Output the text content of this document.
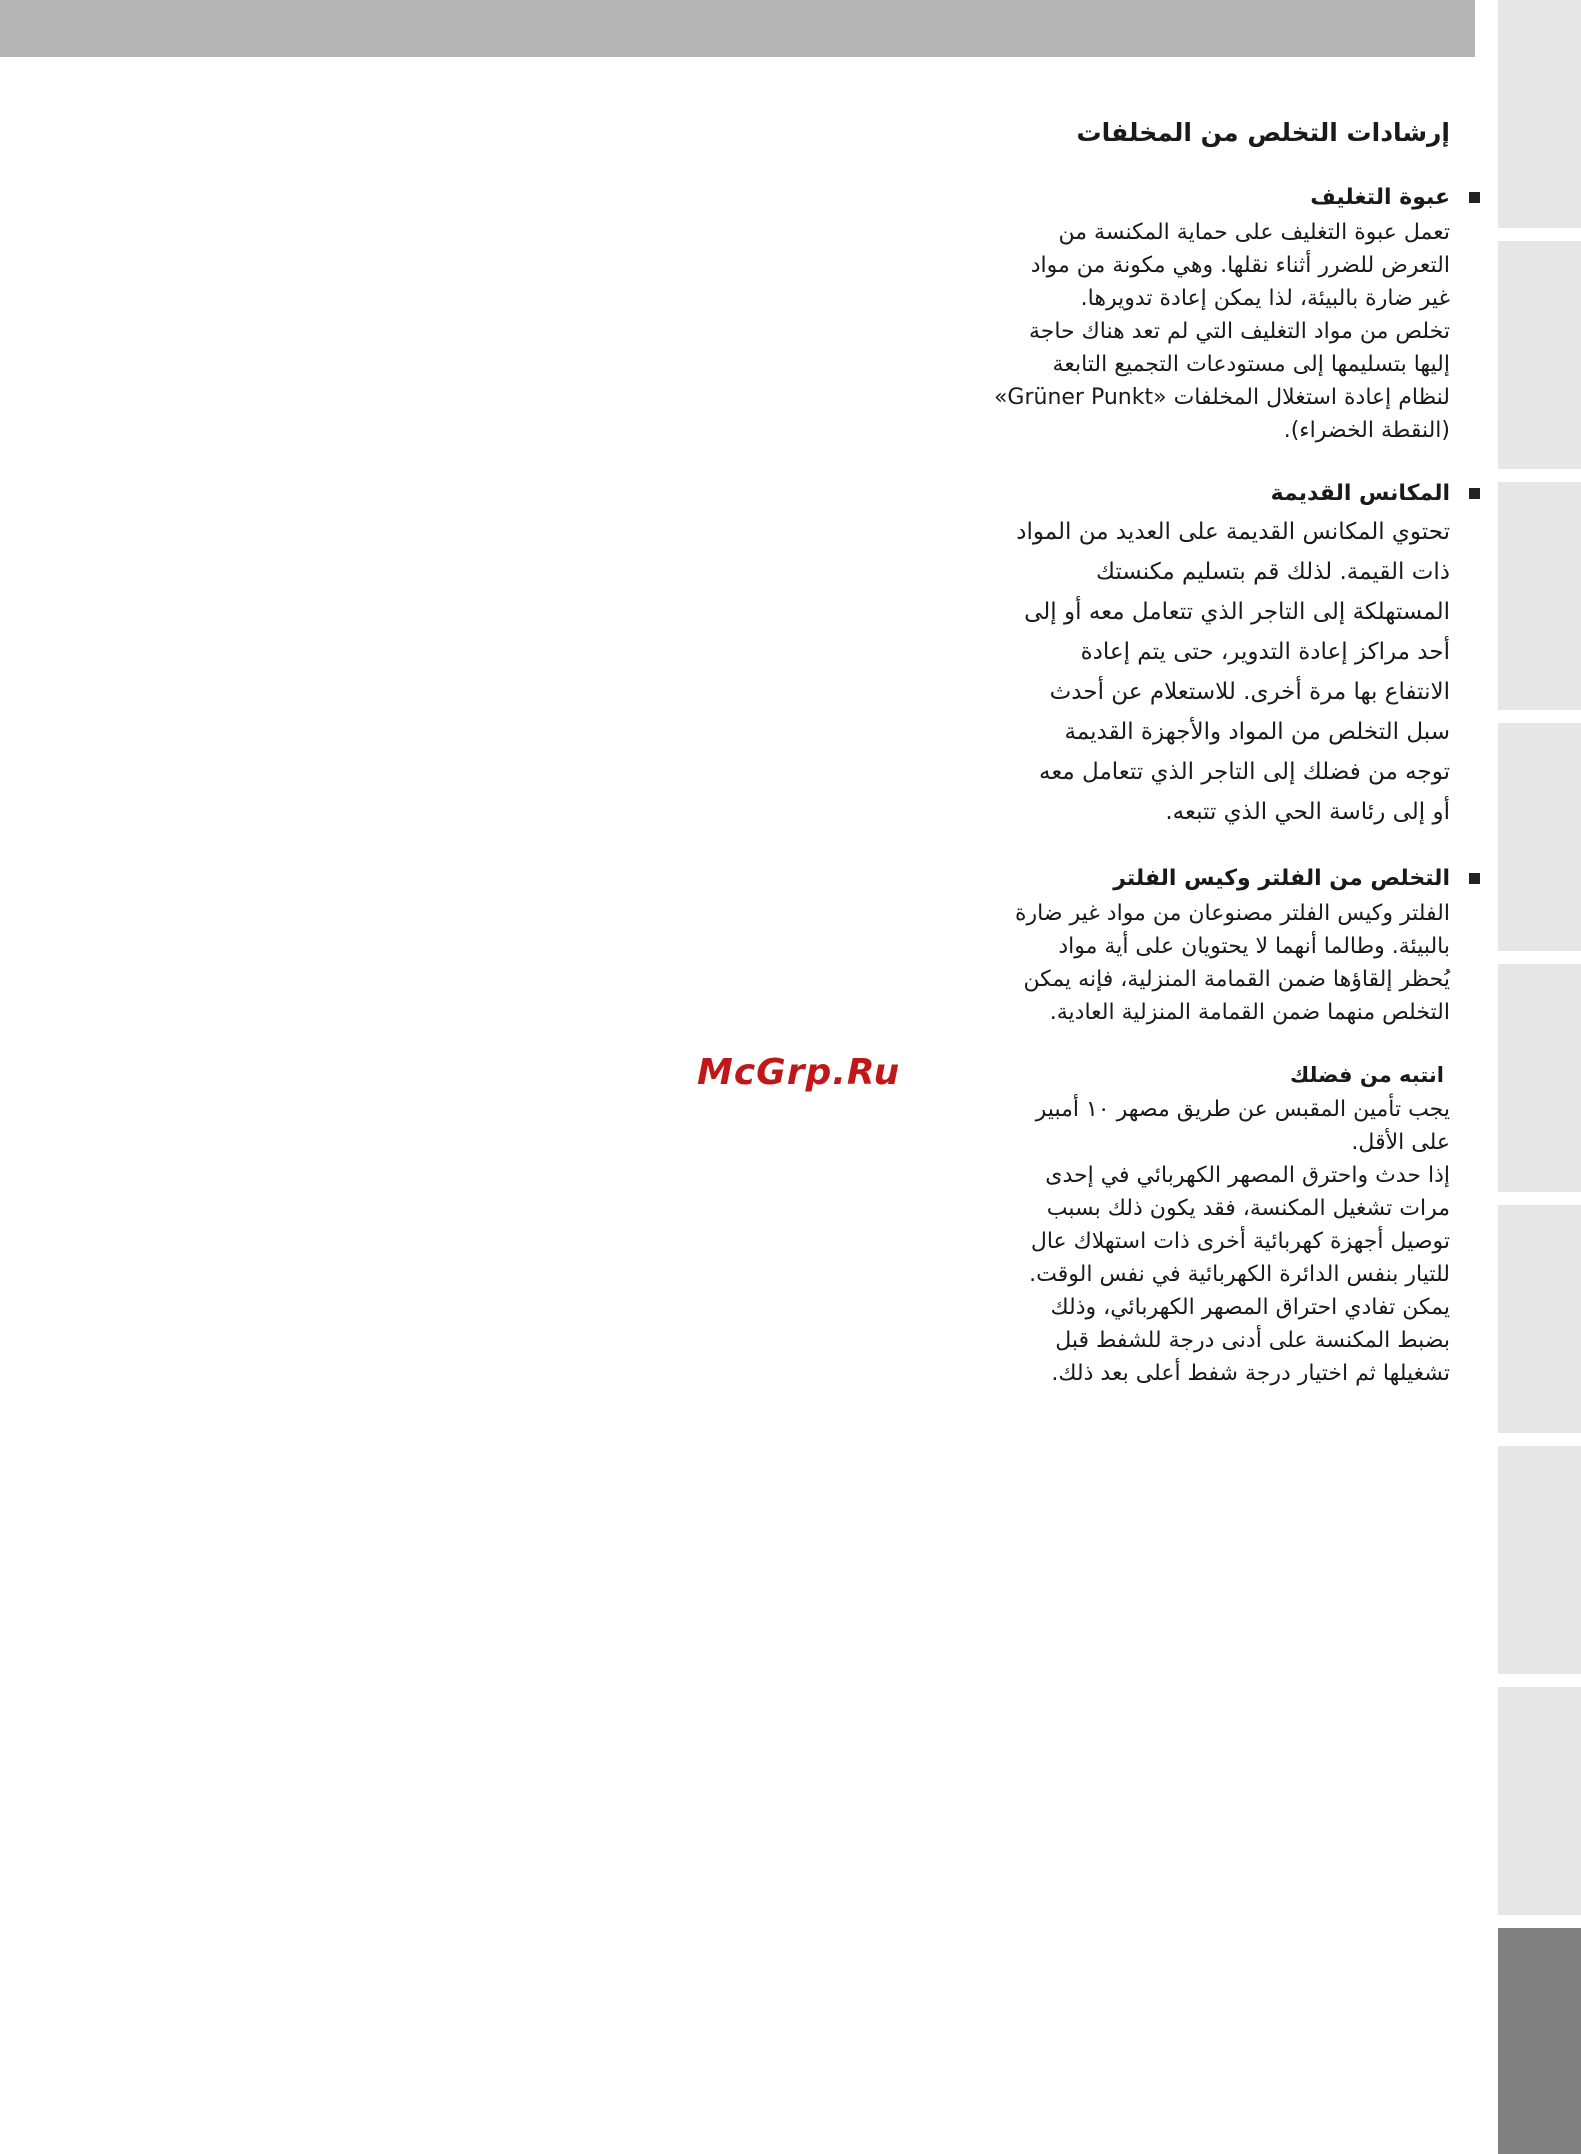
McGrp.Ru
إرشادات التخلص من المخلفات
عبوة التغليف
تعمل عبوة التغليف على حماية المكنسة من
التعرض للضرر أثناء نقلها. وهي مكونة من مواد
غير ضارة بالبيئة، لذا يمكن إعادة تدويرها.
تخلص من مواد التغليف التي لم تعد هناك حاجة
إليها بتسليمها إلى مستودعات التجميع التابعة
لنظام إعادة استغلال المخلفات «Grüner Punkt»
(النقطة الخضراء).
المكانس القديمة
تحتوي المكانس القديمة على العديد من المواد
ذات القيمة. لذلك قم بتسليم مكنستك
المستهلكة إلى التاجر الذي تتعامل معه أو إلى
أحد مراكز إعادة التدوير، حتى يتم إعادة
الانتفاع بها مرة أخرى. للاستعلام عن أحدث
سبل التخلص من المواد والأجهزة القديمة
توجه من فضلك إلى التاجر الذي تتعامل معه
أو إلى رئاسة الحي الذي تتبعه.
التخلص من الفلتر وكيس الفلتر
الفلتر وكيس الفلتر مصنوعان من مواد غير ضارة
بالبيئة. وطالما أنهما لا يحتويان على أية مواد
يُحظر إلقاؤها ضمن القمامة المنزلية، فإنه يمكن
التخلص منهما ضمن القمامة المنزلية العادية.
انتبه من فضلك
يجب تأمين المقبس عن طريق مصهر ١٠ أمبير
على الأقل.
إذا حدث واحترق المصهر الكهربائي في إحدى
مرات تشغيل المكنسة، فقد يكون ذلك بسبب
توصيل أجهزة كهربائية أخرى ذات استهلاك عال
للتيار بنفس الدائرة الكهربائية في نفس الوقت.
يمكن تفادي احتراق المصهر الكهربائي، وذلك
بضبط المكنسة على أدنى درجة للشفط قبل
تشغيلها ثم اختيار درجة شفط أعلى بعد ذلك.
